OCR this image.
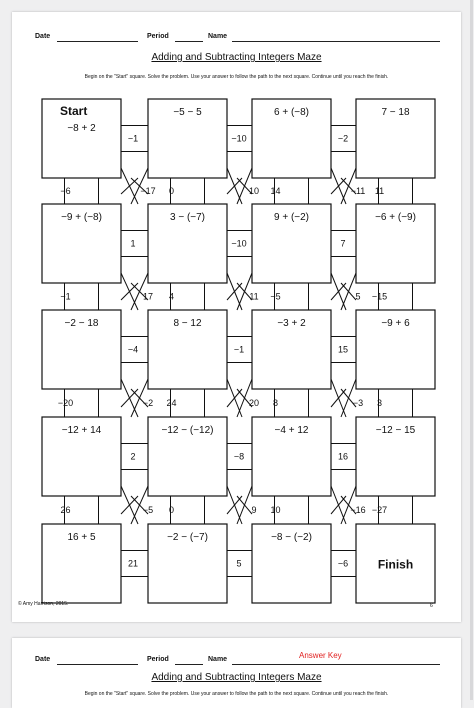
Date	Period	Name
Adding and Subtracting Integers Maze
Begin on the "Start" square. Solve the problem. Use your answer to follow the path to the next square. Continue until you reach the finish.
Start
−8 + 2
−5 − 5	6 + (−8)	7 − 18
−9 + (−8)	3 − (−7)	9 + (−2)	−6 + (−9)
−2 − 18	8 − 12	−3 + 2	−9 + 6
−12 + 14	−12 − (−12)	−4 + 12	−12 − 15
16 + 5	−2 − (−7)	−8 − (−2)
Finish
−1	−10	−2
1	−10	7
−4	−1	15
2	−8	16
21	5	−6
−6	−17 0	10 14	−11 11
−1	17 4	11 −5	5 −15
−20	−2 24	20 8	−3 3
26	−5 0	9 10	−16 −27
© Amy Harrison, 2015.	6
Answer Key
Date	Period	Name
Adding and Subtracting Integers Maze
Begin on the "Start" square. Solve the problem. Use your answer to follow the path to the next square. Continue until you reach the finish.
